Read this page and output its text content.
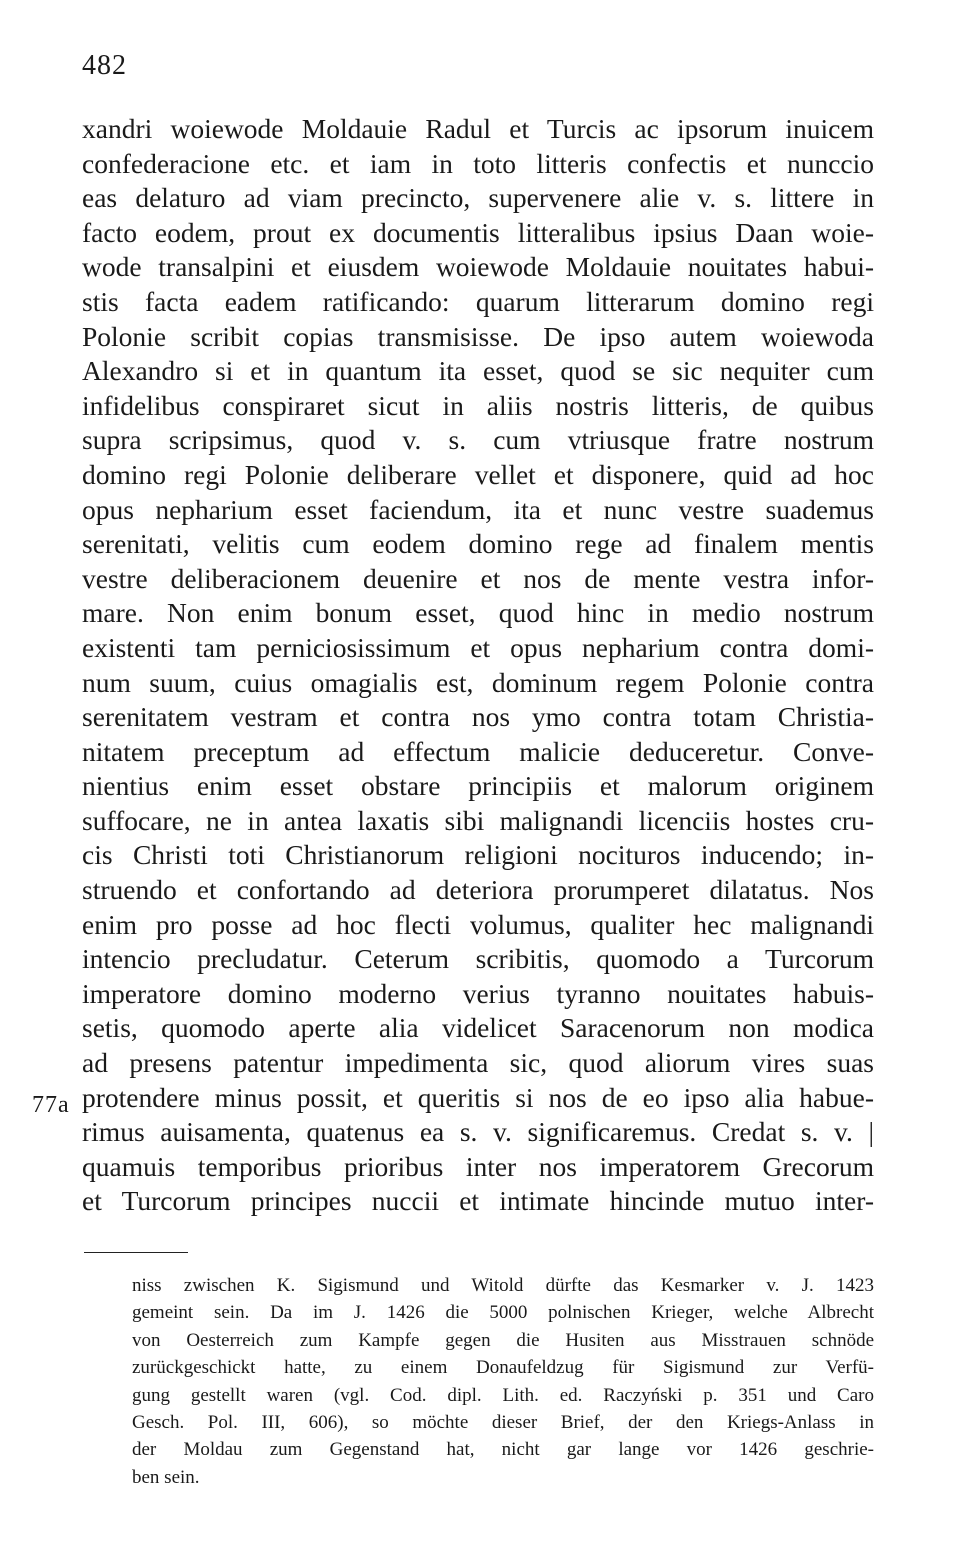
482
77a
xandri woiewode Moldauie Radul et Turcis ac ipsorum inuicem
confederacione etc. et iam in toto litteris confectis et nunccio
eas delaturo ad viam precincto, supervenere alie v. s. littere in
facto eodem, prout ex documentis litteralibus ipsius Daan woie-
wode transalpini et eiusdem woiewode Moldauie nouitates habui-
stis facta eadem ratificando: quarum litterarum domino regi
Polonie scribit copias transmisisse. De ipso autem woiewoda
Alexandro si et in quantum ita esset, quod se sic nequiter cum
infidelibus conspiraret sicut in aliis nostris litteris, de quibus
supra scripsimus, quod v. s. cum vtriusque fratre nostrum
domino regi Polonie deliberare vellet et disponere, quid ad hoc
opus nepharium esset faciendum, ita et nunc vestre suademus
serenitati, velitis cum eodem domino rege ad finalem mentis
vestre deliberacionem deuenire et nos de mente vestra infor-
mare. Non enim bonum esset, quod hinc in medio nostrum
existenti tam perniciosissimum et opus nepharium contra domi-
num suum, cuius omagialis est, dominum regem Polonie contra
serenitatem vestram et contra nos ymo contra totam Christia-
nitatem preceptum ad effectum malicie deduceretur. Conve-
nientius enim esset obstare principiis et malorum originem
suffocare, ne in antea laxatis sibi malignandi licenciis hostes cru-
cis Christi toti Christianorum religioni nocituros inducendo; in-
struendo et confortando ad deteriora prorumperet dilatatus. Nos
enim pro posse ad hoc flecti volumus, qualiter hec malignandi
intencio precludatur. Ceterum scribitis, quomodo a Turcorum
imperatore domino moderno verius tyranno nouitates habuis-
setis, quomodo aperte alia videlicet Saracenorum non modica
ad presens patentur impedimenta sic, quod aliorum vires suas
protendere minus possit, et queritis si nos de eo ipso alia habue-
rimus auisamenta, quatenus ea s. v. significaremus. Credat s. v. |
quamuis temporibus prioribus inter nos imperatorem Grecorum
et Turcorum principes nuccii et intimate hincinde mutuo inter-
niss zwischen K. Sigismund und Witold dürfte das Kesmarker v. J. 1423
gemeint sein. Da im J. 1426 die 5000 polnischen Krieger, welche Albrecht
von Oesterreich zum Kampfe gegen die Husiten aus Misstrauen schnöde
zurückgeschickt hatte, zu einem Donaufeldzug für Sigismund zur Verfü-
gung gestellt waren (vgl. Cod. dipl. Lith. ed. Raczyński p. 351 und Caro
Gesch. Pol. III, 606), so möchte dieser Brief, der den Kriegs-Anlass in
der Moldau zum Gegenstand hat, nicht gar lange vor 1426 geschrie-
ben sein.
